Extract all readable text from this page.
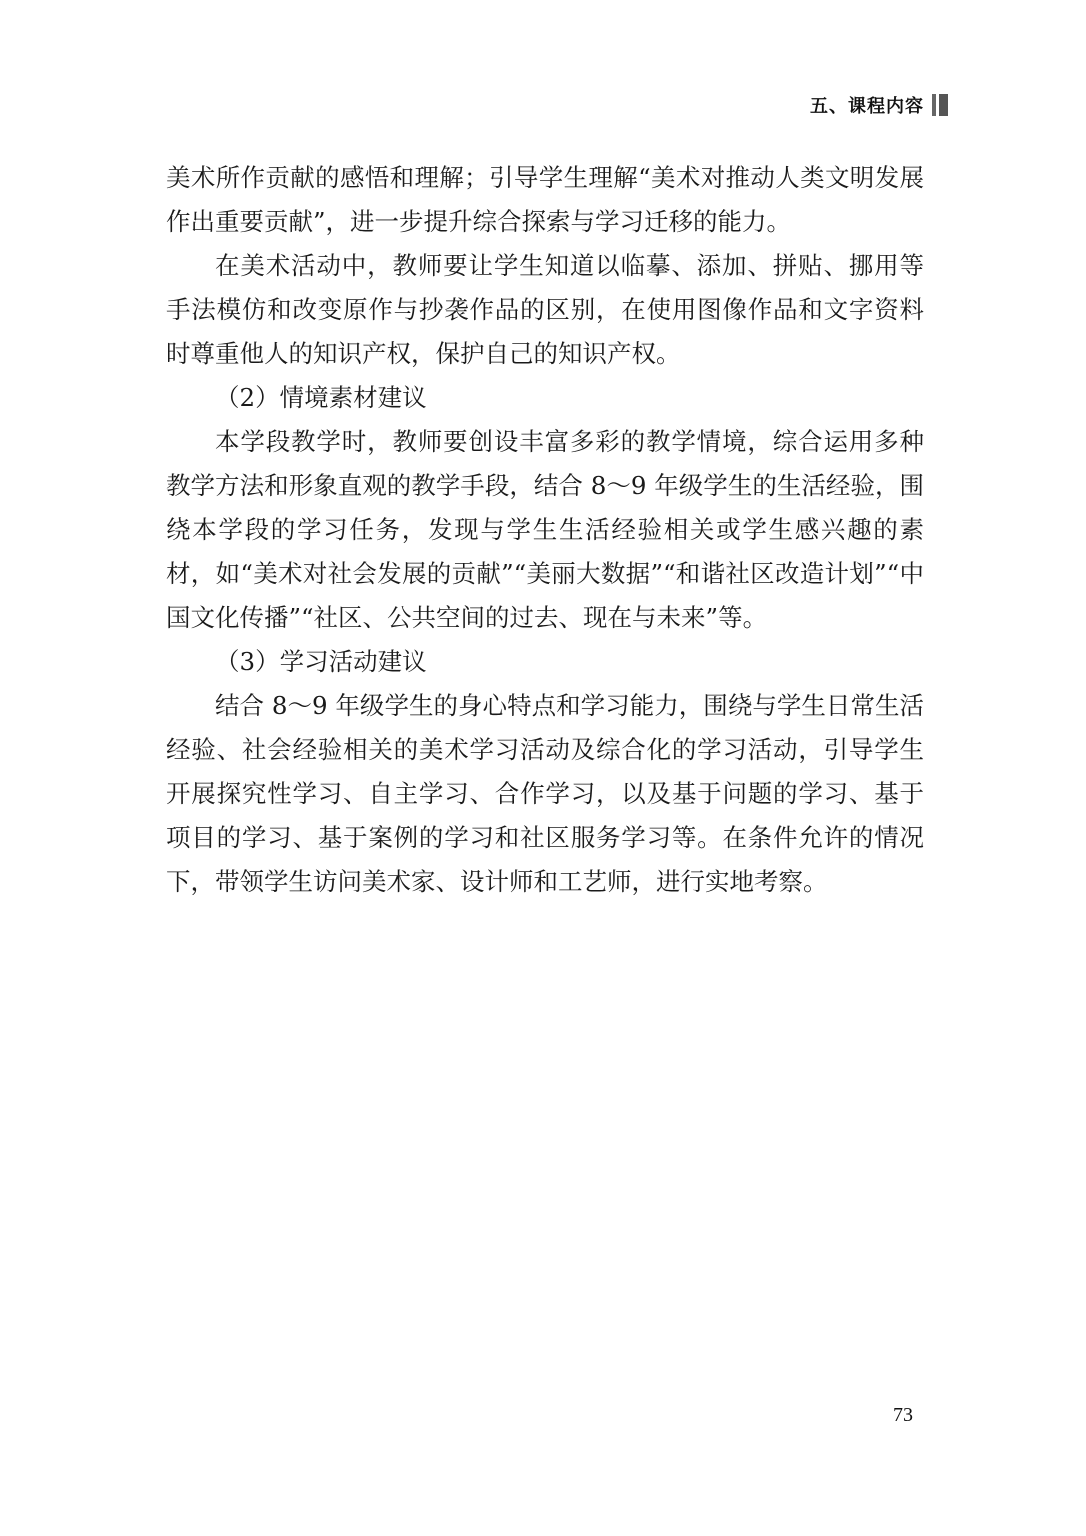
五、课程内容

美术所作贡献的感悟和理解；引导学生理解“美术对推动人类文明发展作出重要贡献”，进一步提升综合探索与学习迁移的能力。

在美术活动中，教师要让学生知道以临摹、添加、拼贴、挪用等手法模仿和改变原作与抄袭作品的区别，在使用图像作品和文字资料时尊重他人的知识产权，保护自己的知识产权。

（2）情境素材建议

本学段教学时，教师要创设丰富多彩的教学情境，综合运用多种教学方法和形象直观的教学手段，结合 8～9 年级学生的生活经验，围绕本学段的学习任务，发现与学生生活经验相关或学生感兴趣的素材，如“美术对社会发展的贡献”“美丽大数据”“和谐社区改造计划”“中国文化传播”“社区、公共空间的过去、现在与未来”等。

（3）学习活动建议

结合 8～9 年级学生的身心特点和学习能力，围绕与学生日常生活经验、社会经验相关的美术学习活动及综合化的学习活动，引导学生开展探究性学习、自主学习、合作学习，以及基于问题的学习、基于项目的学习、基于案例的学习和社区服务学习等。在条件允许的情况下，带领学生访问美术家、设计师和工艺师，进行实地考察。

73
